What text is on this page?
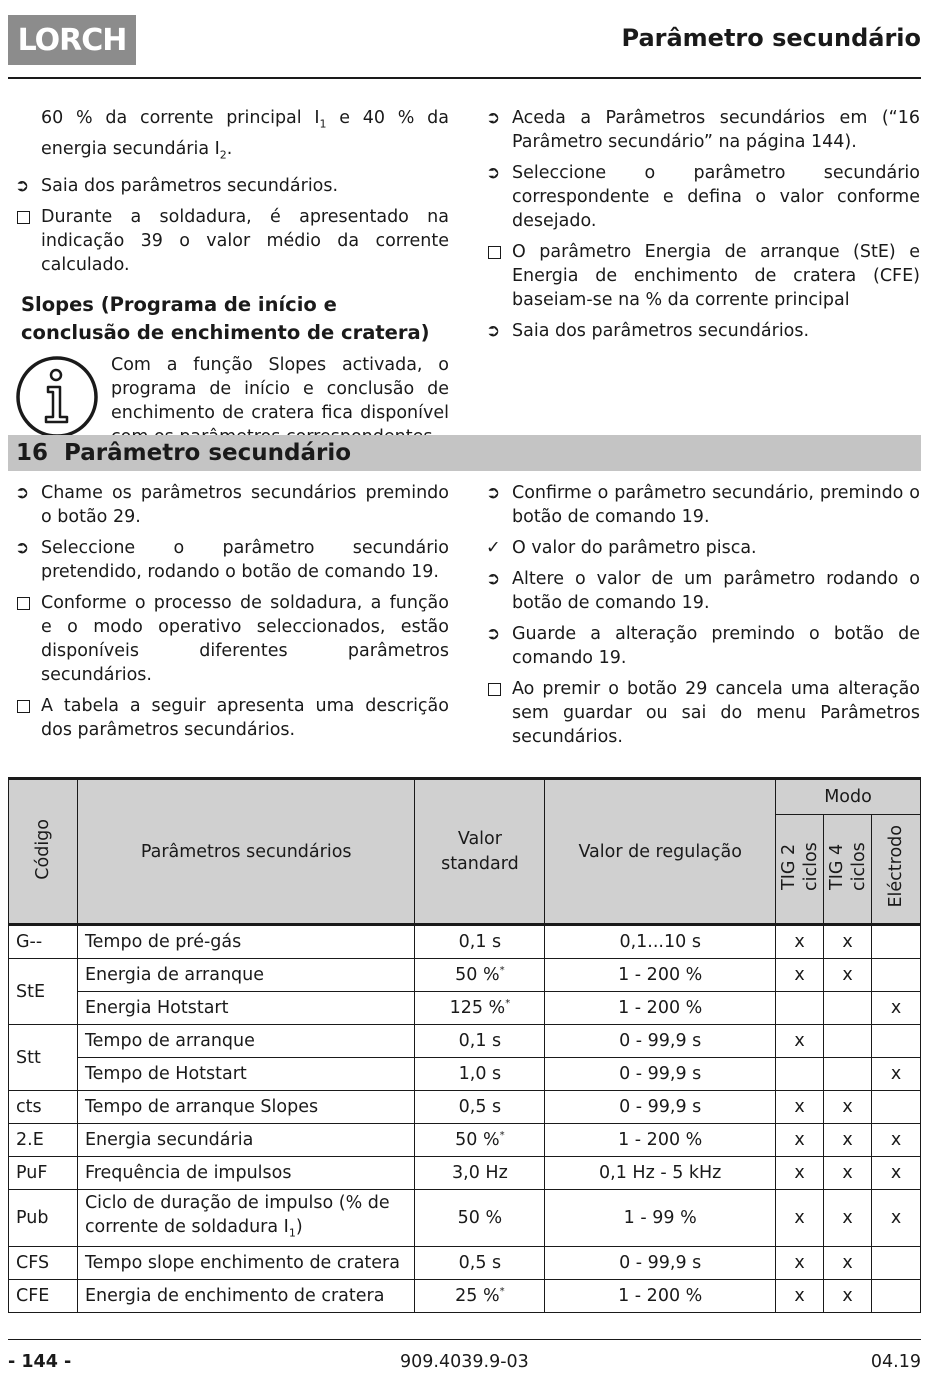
LORCH	Parâmetro secundário
60 % da corrente principal $I_1$ e 40 % da energia secundária $I_2$.
➲ Saia dos parâmetros secundários.
Durante a soldadura, é apresentado na indicação 39 o valor médio da corrente calculado.
Slopes (Programa de início e conclusão de enchimento de cratera)
Com a função Slopes activada, o programa de início e conclusão de enchimento de cratera fica disponível
➲ Aceda a Parâmetros secundários em (“16 Parâmetro secundário” na página 144).
➲ Seleccione o parâmetro secundário correspondente e defina o valor conforme desejado.
O parâmetro Energia de arranque (StE) e Energia de enchimento de cratera (CFE) baseiam-se na % da corrente principal
➲ Saia dos parâmetros secundários.
16 Parâmetro secundário
➲ Chame os parâmetros secundários premindo o botão 29.
➲ Seleccione o parâmetro secundário pretendido, rodando o botão de comando 19.
Conforme o processo de soldadura, a função e o modo operativo seleccionados, estão disponíveis diferentes parâmetros secundários.
A tabela a seguir apresenta uma descrição dos parâmetros secundários.
➲ Confirme o parâmetro secundário, premindo o botão de comando 19.
✓ O valor do parâmetro pisca.
➲ Altere o valor de um parâmetro rodando o botão de comando 19.
➲ Guarde a alteração premindo o botão de comando 19.
Ao premir o botão 29 cancela uma alteração sem guardar ou sai do menu Parâmetros secundários.
Código	Parâmetros secundários	Valor standard	Valor de regulação	Modo		
				TIG 2 ciclos	TIG 4 ciclos	Eléctrodo
G--	Tempo de pré-gás	0,1 s	0,1...10 s	x	x	
StE	Energia de arranque	50 %*	1 - 200 %	x	x	
	Energia Hotstart	125 %*	1 - 200 %			x
Stt	Tempo de arranque	0,1 s	0 - 99,9 s	x		
	Tempo de Hotstart	1,0 s	0 - 99,9 s			x
cts	Tempo de arranque Slopes	0,5 s	0 - 99,9 s	x	x	
2.E	Energia secundária	50 %*	1 - 200 %	x	x	x
PuF	Frequência de impulsos	3,0 Hz	0,1 Hz - 5 kHz	x	x	x
Pub	Ciclo de duração de impulso (% de corrente de soldadura $I_1$)	50 %	1 - 99 %	x	x	x
CFS	Tempo slope enchimento de cratera	0,5 s	0 - 99,9 s	x	x	
CFE	Energia de enchimento de cratera	25 %*	1 - 200 %	x	x	
- 144 -	909.4039.9-03	04.19
